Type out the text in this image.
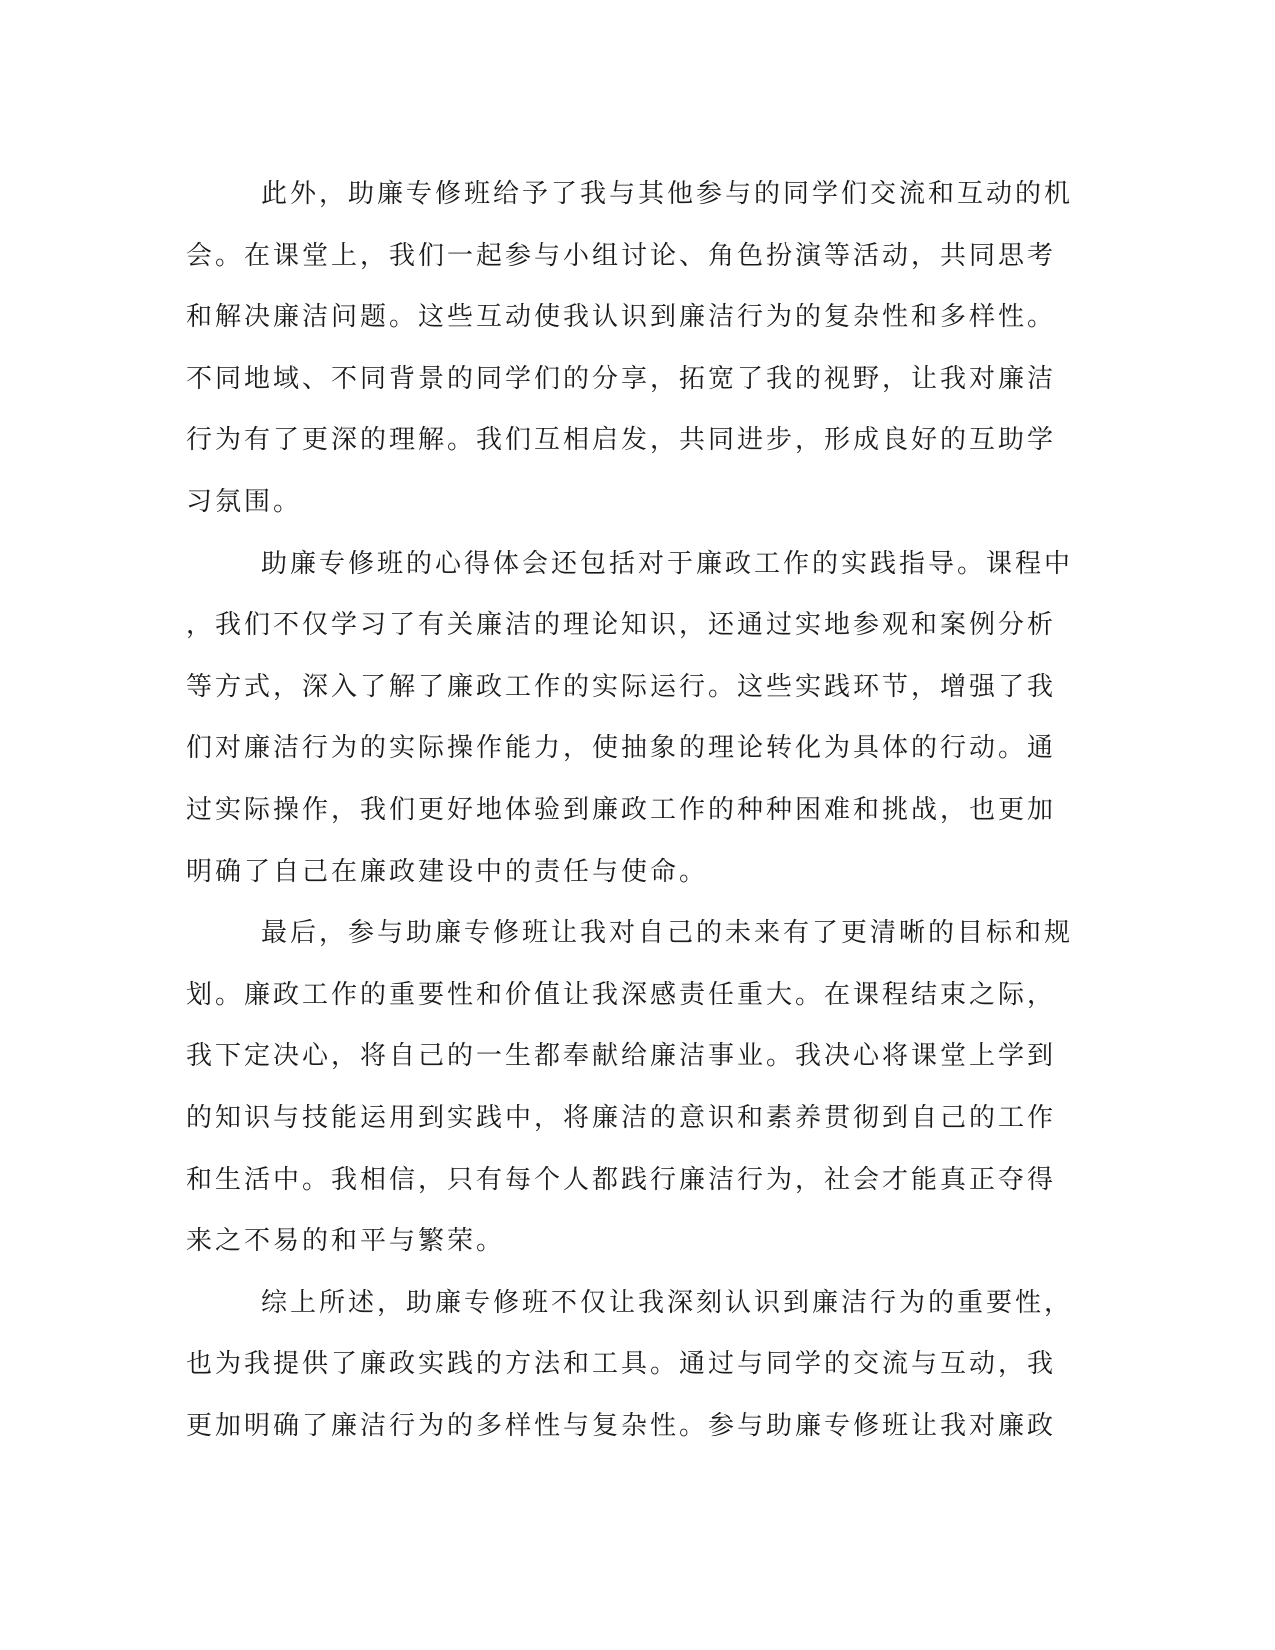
此外，助廉专修班给予了我与其他参与的同学们交流和互动的机
会。在课堂上，我们一起参与小组讨论、角色扮演等活动，共同思考
和解决廉洁问题。这些互动使我认识到廉洁行为的复杂性和多样性。
不同地域、不同背景的同学们的分享，拓宽了我的视野，让我对廉洁
行为有了更深的理解。我们互相启发，共同进步，形成良好的互助学
习氛围。
助廉专修班的心得体会还包括对于廉政工作的实践指导。课程中
，我们不仅学习了有关廉洁的理论知识，还通过实地参观和案例分析
等方式，深入了解了廉政工作的实际运行。这些实践环节，增强了我
们对廉洁行为的实际操作能力，使抽象的理论转化为具体的行动。通
过实际操作，我们更好地体验到廉政工作的种种困难和挑战，也更加
明确了自己在廉政建设中的责任与使命。
最后，参与助廉专修班让我对自己的未来有了更清晰的目标和规
划。廉政工作的重要性和价值让我深感责任重大。在课程结束之际，
我下定决心，将自己的一生都奉献给廉洁事业。我决心将课堂上学到
的知识与技能运用到实践中，将廉洁的意识和素养贯彻到自己的工作
和生活中。我相信，只有每个人都践行廉洁行为，社会才能真正夺得
来之不易的和平与繁荣。
综上所述，助廉专修班不仅让我深刻认识到廉洁行为的重要性，
也为我提供了廉政实践的方法和工具。通过与同学的交流与互动，我
更加明确了廉洁行为的多样性与复杂性。参与助廉专修班让我对廉政
